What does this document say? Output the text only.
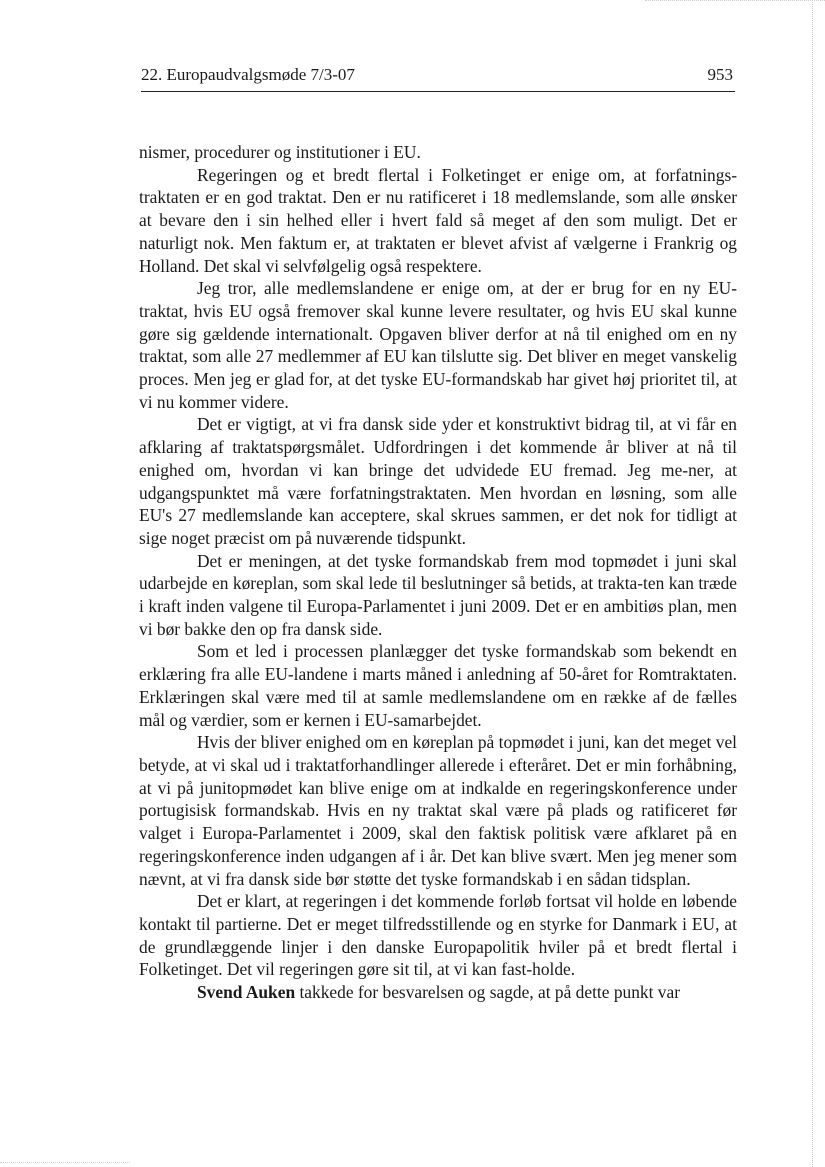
22. Europaudvalgsmøde 7/3-07	953

nismer, procedurer og institutioner i EU.

Regeringen og et bredt flertal i Folketinget er enige om, at forfatnings-traktaten er en god traktat. Den er nu ratificeret i 18 medlemslande, som alle ønsker at bevare den i sin helhed eller i hvert fald så meget af den som muligt. Det er naturligt nok. Men faktum er, at traktaten er blevet afvist af vælgerne i Frankrig og Holland. Det skal vi selvfølgelig også respektere.

Jeg tror, alle medlemslandene er enige om, at der er brug for en ny EU-traktat, hvis EU også fremover skal kunne levere resultater, og hvis EU skal kunne gøre sig gældende internationalt. Opgaven bliver derfor at nå til enighed om en ny traktat, som alle 27 medlemmer af EU kan tilslutte sig. Det bliver en meget vanskelig proces. Men jeg er glad for, at det tyske EU-formandskab har givet høj prioritet til, at vi nu kommer videre.

Det er vigtigt, at vi fra dansk side yder et konstruktivt bidrag til, at vi får en afklaring af traktatspørgsmålet. Udfordringen i det kommende år bliver at nå til enighed om, hvordan vi kan bringe det udvidede EU fremad. Jeg me-ner, at udgangspunktet må være forfatningstraktaten. Men hvordan en løsning, som alle EU's 27 medlemslande kan acceptere, skal skrues sammen, er det nok for tidligt at sige noget præcist om på nuværende tidspunkt.

Det er meningen, at det tyske formandskab frem mod topmødet i juni skal udarbejde en køreplan, som skal lede til beslutninger så betids, at trakta-ten kan træde i kraft inden valgene til Europa-Parlamentet i juni 2009. Det er en ambitiøs plan, men vi bør bakke den op fra dansk side.

Som et led i processen planlægger det tyske formandskab som bekendt en erklæring fra alle EU-landene i marts måned i anledning af 50-året for Romtraktaten. Erklæringen skal være med til at samle medlemslandene om en række af de fælles mål og værdier, som er kernen i EU-samarbejdet.

Hvis der bliver enighed om en køreplan på topmødet i juni, kan det meget vel betyde, at vi skal ud i traktatforhandlinger allerede i efteråret. Det er min forhåbning, at vi på junitopmødet kan blive enige om at indkalde en regeringskonference under portugisisk formandskab. Hvis en ny traktat skal være på plads og ratificeret før valget i Europa-Parlamentet i 2009, skal den faktisk politisk være afklaret på en regeringskonference inden udgangen af i år. Det kan blive svært. Men jeg mener som nævnt, at vi fra dansk side bør støtte det tyske formandskab i en sådan tidsplan.

Det er klart, at regeringen i det kommende forløb fortsat vil holde en løbende kontakt til partierne. Det er meget tilfredsstillende og en styrke for Danmark i EU, at de grundlæggende linjer i den danske Europapolitik hviler på et bredt flertal i Folketinget. Det vil regeringen gøre sit til, at vi kan fast-holde.

Svend Auken takkede for besvarelsen og sagde, at på dette punkt var
